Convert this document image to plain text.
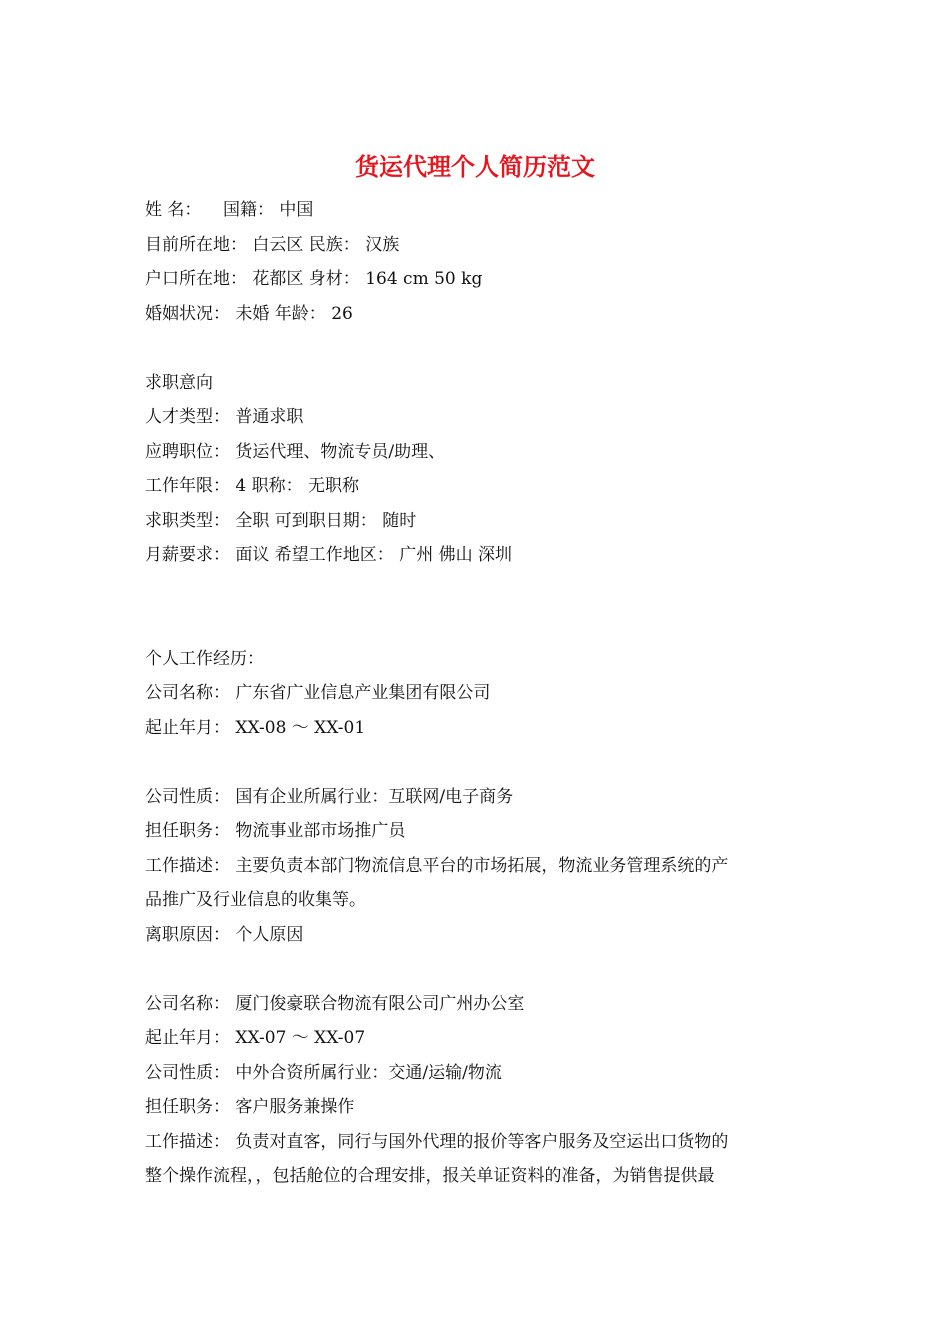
货运代理个人简历范文
姓 名：    国籍： 中国
目前所在地： 白云区 民族： 汉族
户口所在地： 花都区 身材： 164 cm 50 kg
婚姻状况： 未婚 年龄： 26
求职意向
人才类型： 普通求职
应聘职位： 货运代理、物流专员/助理、
工作年限： 4 职称： 无职称
求职类型： 全职 可到职日期： 随时
月薪要求： 面议 希望工作地区： 广州 佛山 深圳
个人工作经历：
公司名称： 广东省广业信息产业集团有限公司
起止年月： XX-08 ～ XX-01
公司性质： 国有企业所属行业：互联网/电子商务
担任职务： 物流事业部市场推广员
工作描述： 主要负责本部门物流信息平台的市场拓展，物流业务管理系统的产
品推广及行业信息的收集等。
离职原因： 个人原因
公司名称： 厦门俊豪联合物流有限公司广州办公室
起止年月： XX-07 ～ XX-07
公司性质： 中外合资所属行业：交通/运输/物流
担任职务： 客户服务兼操作
工作描述： 负责对直客，同行与国外代理的报价等客户服务及空运出口货物的
整个操作流程，，包括舱位的合理安排，报关单证资料的准备，为销售提供最
